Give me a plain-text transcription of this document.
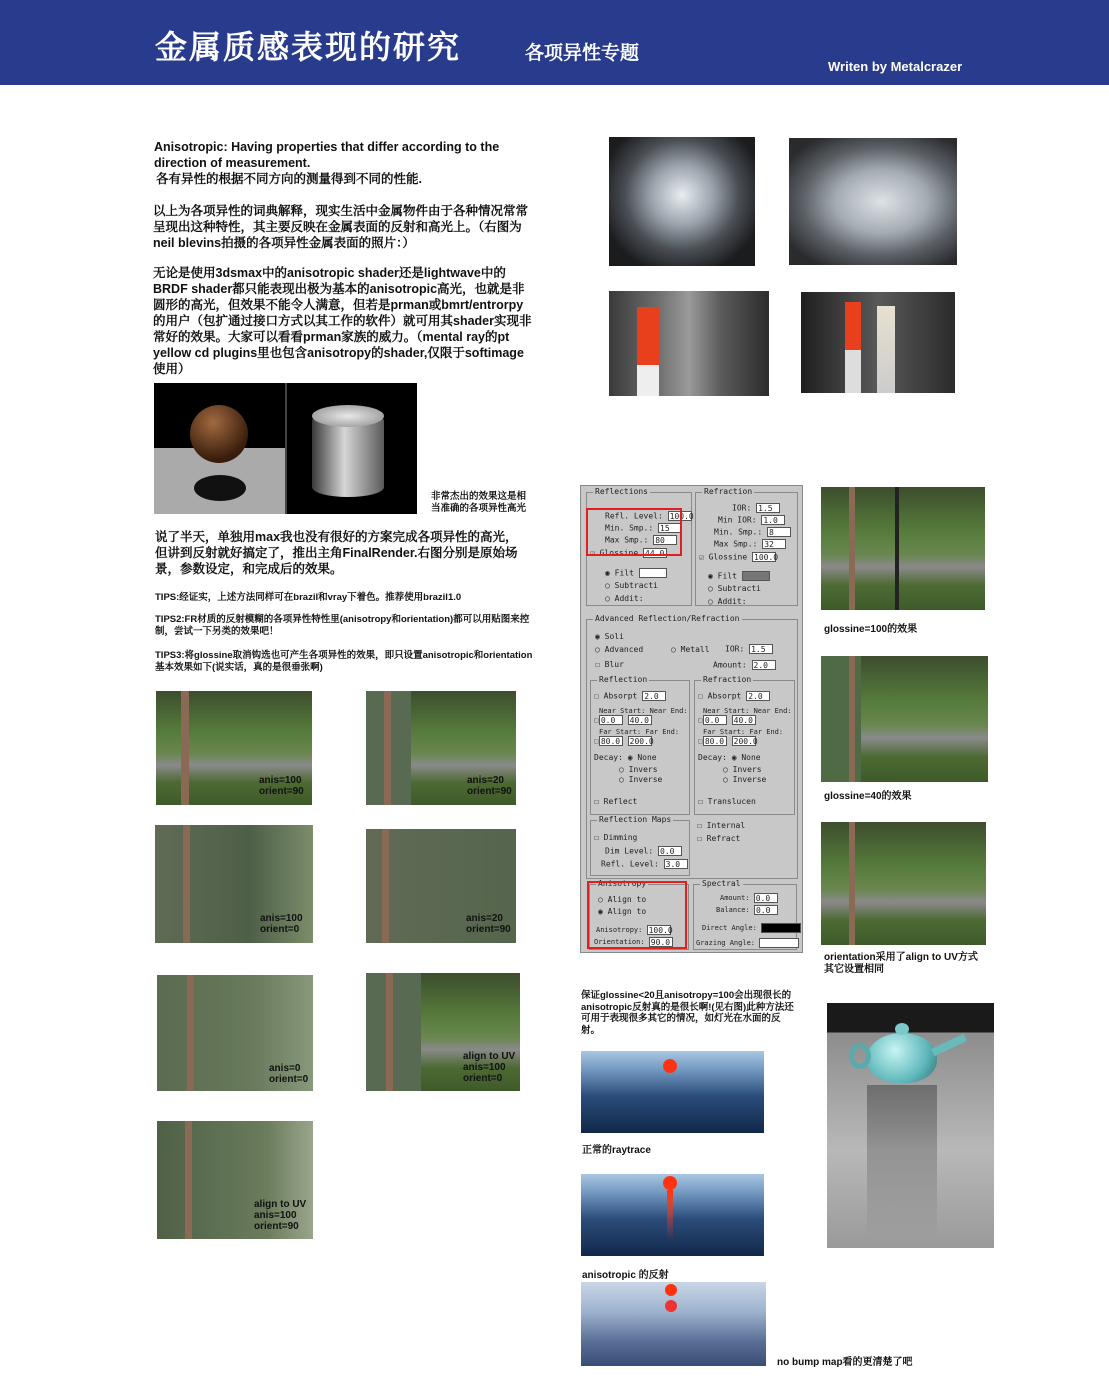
金属质感表现的研究	各项异性专题
Writen by Metalcrazer
Anisotropic: Having properties that differ according to the direction of measurement.
各有异性的根据不同方向的测量得到不同的性能.
以上为各项异性的词典解释，现实生活中金属物件由于各种情况常常呈现出这种特性，其主要反映在金属表面的反射和高光上。（右图为neil blevins拍摄的各项异性金属表面的照片：）
无论是使用3dsmax中的anisotropic shader还是lightwave中的BRDF shader都只能表现出极为基本的anisotropic高光，也就是非圆形的高光，但效果不能令人满意，但若是prman或bmrt/entrorpy的用户（包扩通过接口方式以其工作的软件）就可用其shader实现非常好的效果。大家可以看看prman家族的威力。（mental ray的pt yellow cd plugins里也包含anisotropy的shader,仅限于softimage使用）
非常杰出的效果这是相当准确的各项异性高光
说了半天，单独用max我也没有很好的方案完成各项异性的高光，但讲到反射就好搞定了，推出主角FinalRender.右图分别是原始场景，参数设定，和完成后的效果。
TIPS:经证实，上述方法同样可在brazil和vray下着色。推荐使用brazil1.0
TIPS2:FR材质的反射模糊的各项异性特性里(anisotropy和orientation)都可以用贴图来控制，尝试一下另类的效果吧！
TIPS3:将glossine取消钩选也可产生各项异性的效果，即只设置anisotropic和orientation基本效果如下(说实话，真的是很垂张啊)
anis=100
orient=90
anis=20
orient=90
anis=100
orient=0
anis=20
orient=90
anis=0
orient=0
align to UV
anis=100
orient=0
align to UV
anis=100
orient=90
Reflections
Refl. Level: 100.0
Min. Smp.: 15
Max Smp.: 80
☑ Glossine 44.0
◉ Filt
○ Subtracti
○ Addit:
Refraction
IOR: 1.5
Min IOR: 1.0
Min. Smp.: 8
Max Smp.: 32
☑ Glossine 100.0
◉ Filt
○ Subtracti
○ Addit:
Advanced Reflection/Refraction
◉ Soli
○ Advanced	○ Metall IOR: 1.5
☐ Blur	Amount: 2.0
Reflection
☐ Absorpt 2.0
Near Start: Near End:
☐ 0.0 40.0
Far Start: Far End:
☐ 80.0 200.0
Decay: ◉ None
○ Invers
○ Inverse
☐ Reflect
Refraction
☐ Absorpt 2.0
Near Start: Near End:
☐ 0.0 40.0
Far Start: Far End:
☐ 80.0 200.0
Decay: ◉ None
○ Invers
○ Inverse
☐ Translucen
☐ Internal
☐ Refract
Reflection Maps
☐ Dimming
Dim Level: 0.0
Refl. Level: 3.0
Anisotropy
○ Align to
◉ Align to
Anisotropy: 100.0
Orientation: 90.0
Spectral
Amount: 0.0
Balance: 0.0
Direct Angle:
Grazing Angle:
glossine=100的效果
glossine=40的效果
orientation采用了align to UV方式其它设置相同
保证glossine<20且anisotropy=100会出现很长的anisotropic反射真的是很长啊!(见右图)此种方法还可用于表现很多其它的情况，如灯光在水面的反射。
正常的raytrace
anisotropic 的反射
no bump map看的更清楚了吧
